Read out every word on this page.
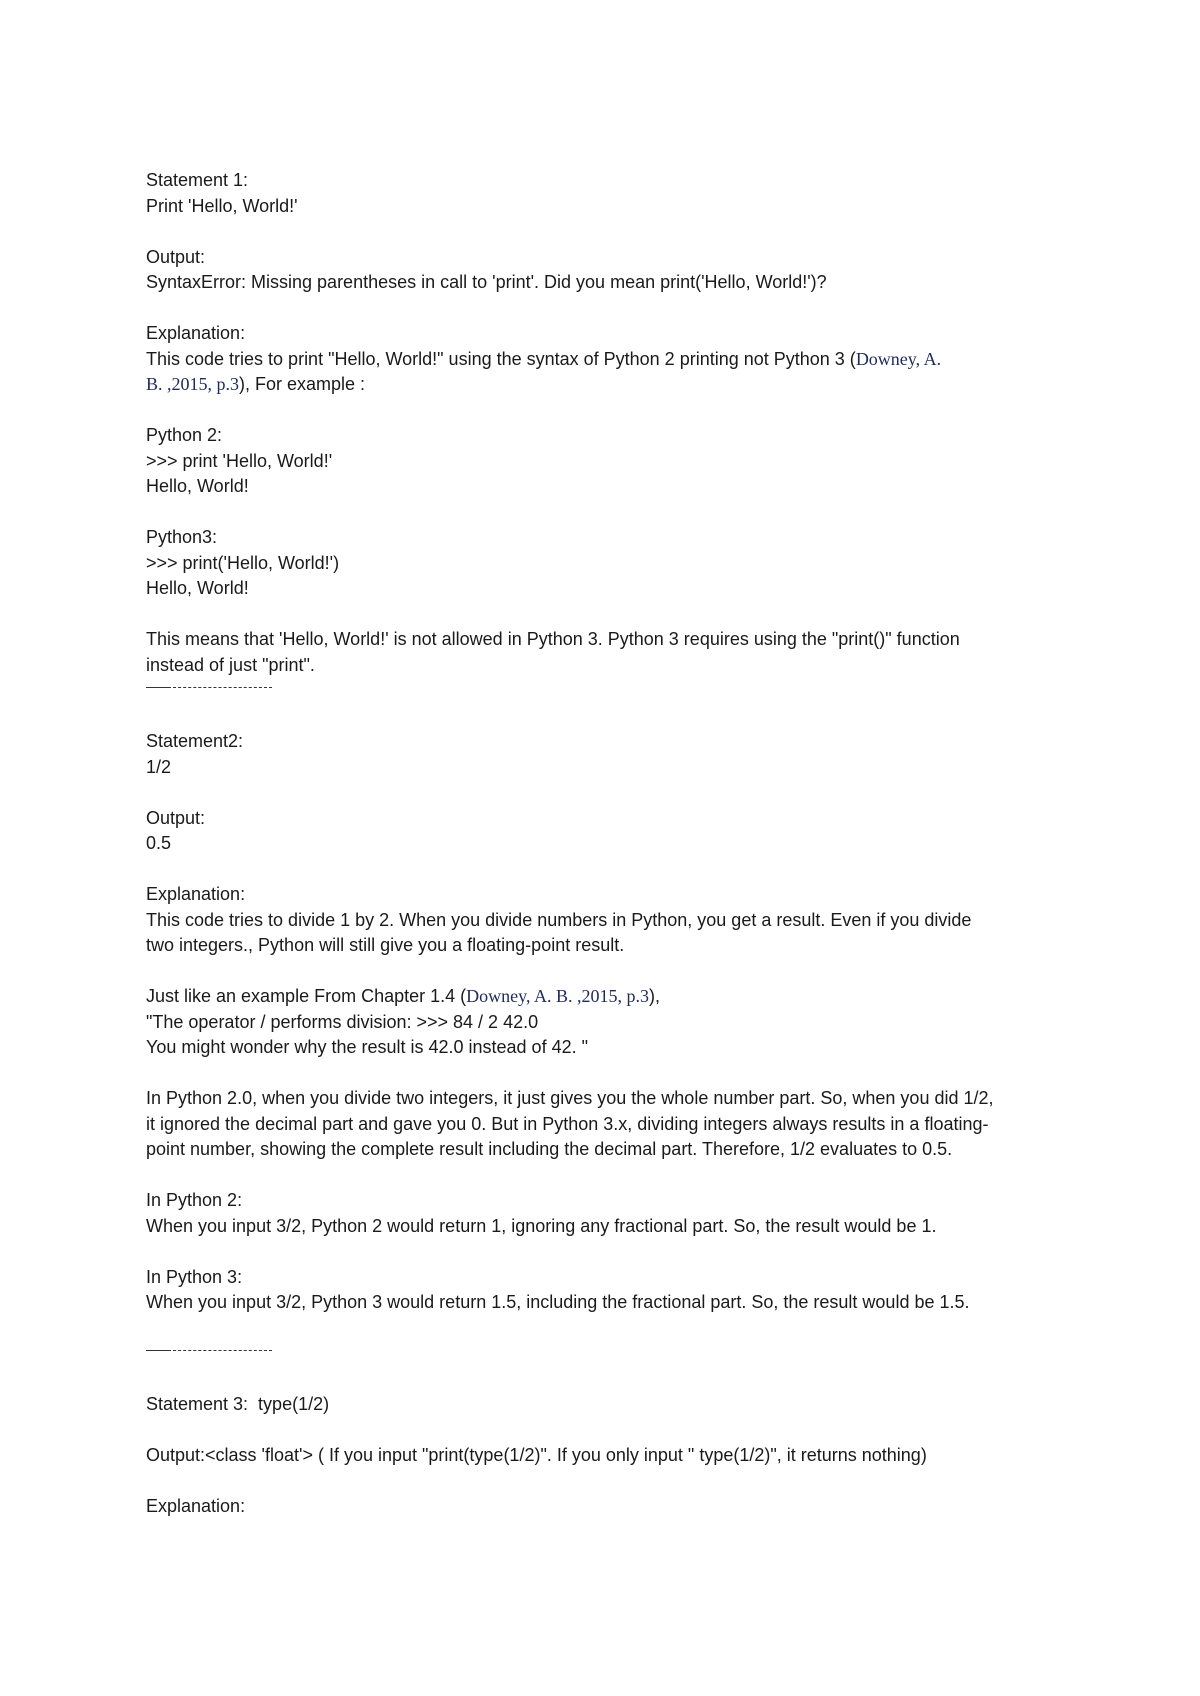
Statement 1:
Print 'Hello, World!'
Output:
SyntaxError: Missing parentheses in call to 'print'. Did you mean print('Hello, World!')?
Explanation:
This code tries to print "Hello, World!" using the syntax of Python 2 printing not Python 3 (Downey, A.
B. ,2015, p.3), For example :
Python 2:
>>> print 'Hello, World!'
Hello, World!
Python3:
>>> print('Hello, World!')
Hello, World!
This means that 'Hello, World!' is not allowed in Python 3. Python 3 requires using the "print()" function
instead of just "print".
Statement2:
1/2
Output:
0.5
Explanation:
This code tries to divide 1 by 2. When you divide numbers in Python, you get a result. Even if you divide
two integers., Python will still give you a floating-point result.
Just like an example From Chapter 1.4 (Downey, A. B. ,2015, p.3),
"The operator / performs division: >>> 84 / 2 42.0
You might wonder why the result is 42.0 instead of 42. "
In Python 2.0, when you divide two integers, it just gives you the whole number part. So, when you did 1/2,
it ignored the decimal part and gave you 0. But in Python 3.x, dividing integers always results in a floating-
point number, showing the complete result including the decimal part. Therefore, 1/2 evaluates to 0.5.
In Python 2:
When you input 3/2, Python 2 would return 1, ignoring any fractional part. So, the result would be 1.
In Python 3:
When you input 3/2, Python 3 would return 1.5, including the fractional part. So, the result would be 1.5.
Statement 3:  type(1/2)
Output:<class 'float'> ( If you input "print(type(1/2)". If you only input " type(1/2)", it returns nothing)
Explanation:
